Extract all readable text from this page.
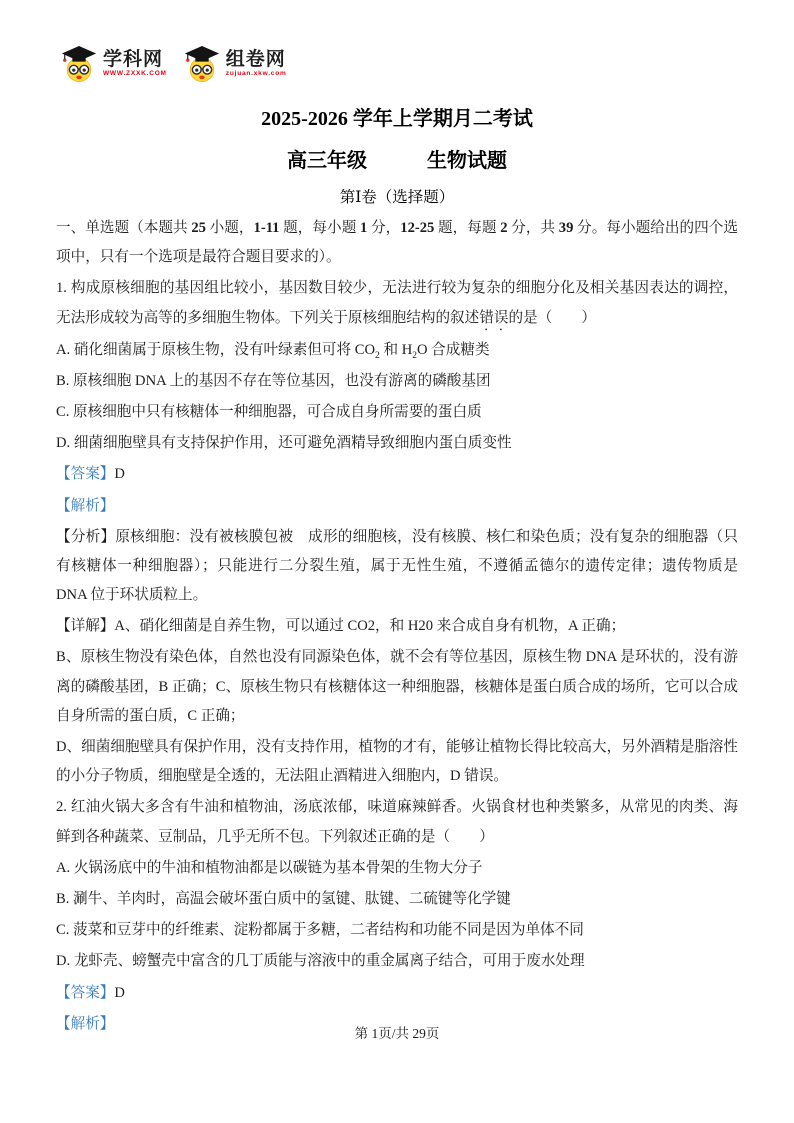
学科网
WWW.ZXXK.COM
组卷网
zujuan.xkw.com
2025-2026 学年上学期月二考试
高三年级　　　生物试题
第Ⅰ卷（选择题）

一、单选题（本题共 25 小题，1-11 题，每小题 1 分，12-25 题，每题 2 分，共 39 分。每小题给出的四个选项中，只有一个选项是最符合题目要求的）。

1. 构成原核细胞的基因组比较小，基因数目较少，无法进行较为复杂的细胞分化及相关基因表达的调控，无法形成较为高等的多细胞生物体。下列关于原核细胞结构的叙述错误的是（　　）

A. 硝化细菌属于原核生物，没有叶绿素但可将 $CO_2$ 和 $H_2O$ 合成糖类

B. 原核细胞 DNA 上的基因不存在等位基因，也没有游离的磷酸基团

C. 原核细胞中只有核糖体一种细胞器，可合成自身所需要的蛋白质

D. 细菌细胞壁具有支持保护作用，还可避免酒精导致细胞内蛋白质变性

【答案】D

【解析】

【分析】原核细胞：没有被核膜包被　成形的细胞核，没有核膜、核仁和染色质；没有复杂的细胞器（只有核糖体一种细胞器）；只能进行二分裂生殖，属于无性生殖，不遵循孟德尔的遗传定律；遗传物质是 DNA 位于环状质粒上。

【详解】A、硝化细菌是自养生物，可以通过 CO2，和 H20 来合成自身有机物，A 正确；

B、原核生物没有染色体，自然也没有同源染色体，就不会有等位基因，原核生物 DNA 是环状的，没有游离的磷酸基团，B 正确；C、原核生物只有核糖体这一种细胞器，核糖体是蛋白质合成的场所，它可以合成自身所需的蛋白质，C 正确；

D、细菌细胞壁具有保护作用，没有支持作用，植物的才有，能够让植物长得比较高大，另外酒精是脂溶性的小分子物质，细胞壁是全透的，无法阻止酒精进入细胞内，D 错误。

2. 红油火锅大多含有牛油和植物油，汤底浓郁，味道麻辣鲜香。火锅食材也种类繁多，从常见的肉类、海鲜到各种蔬菜、豆制品，几乎无所不包。下列叙述正确的是（　　）

A. 火锅汤底中的牛油和植物油都是以碳链为基本骨架的生物大分子

B. 涮牛、羊肉时，高温会破坏蛋白质中的氢键、肽键、二硫键等化学键

C. 菠菜和豆芽中的纤维素、淀粉都属于多糖，二者结构和功能不同是因为单体不同

D. 龙虾壳、螃蟹壳中富含的几丁质能与溶液中的重金属离子结合，可用于废水处理

【答案】D

【解析】

第 1页/共 29页
